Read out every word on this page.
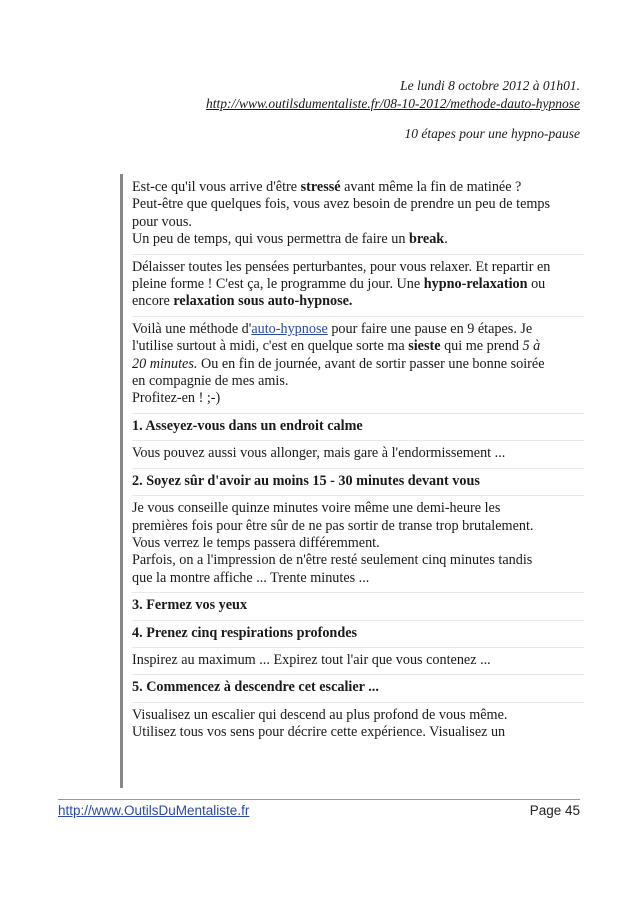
Le lundi 8 octobre 2012 à 01h01.
http://www.outilsdumentaliste.fr/08-10-2012/methode-dauto-hypnose
10 étapes pour une hypno-pause
Est-ce qu'il vous arrive d'être stressé avant même la fin de matinée ?
Peut-être que quelques fois, vous avez besoin de prendre un peu de temps
pour vous.
Un peu de temps, qui vous permettra de faire un break.
Délaisser toutes les pensées perturbantes, pour vous relaxer. Et repartir en
pleine forme ! C'est ça, le programme du jour. Une hypno-relaxation ou
encore relaxation sous auto-hypnose.
Voilà une méthode d'auto-hypnose pour faire une pause en 9 étapes. Je
l'utilise surtout à midi, c'est en quelque sorte ma sieste qui me prend 5 à
20 minutes. Ou en fin de journée, avant de sortir passer une bonne soirée
en compagnie de mes amis.
Profitez-en ! ;-)
1. Asseyez-vous dans un endroit calme
Vous pouvez aussi vous allonger, mais gare à l'endormissement ...
2. Soyez sûr d'avoir au moins 15 - 30 minutes devant vous
Je vous conseille quinze minutes voire même une demi-heure les
premières fois pour être sûr de ne pas sortir de transe trop brutalement.
Vous verrez le temps passera différemment.
Parfois, on a l'impression de n'être resté seulement cinq minutes tandis
que la montre affiche ... Trente minutes ...
3. Fermez vos yeux
4. Prenez cinq respirations profondes
Inspirez au maximum ... Expirez tout l'air que vous contenez ...
5. Commencez à descendre cet escalier ...
Visualisez un escalier qui descend au plus profond de vous même.
Utilisez tous vos sens pour décrire cette expérience. Visualisez un
http://www.OutilsDuMentaliste.fr	Page 45
